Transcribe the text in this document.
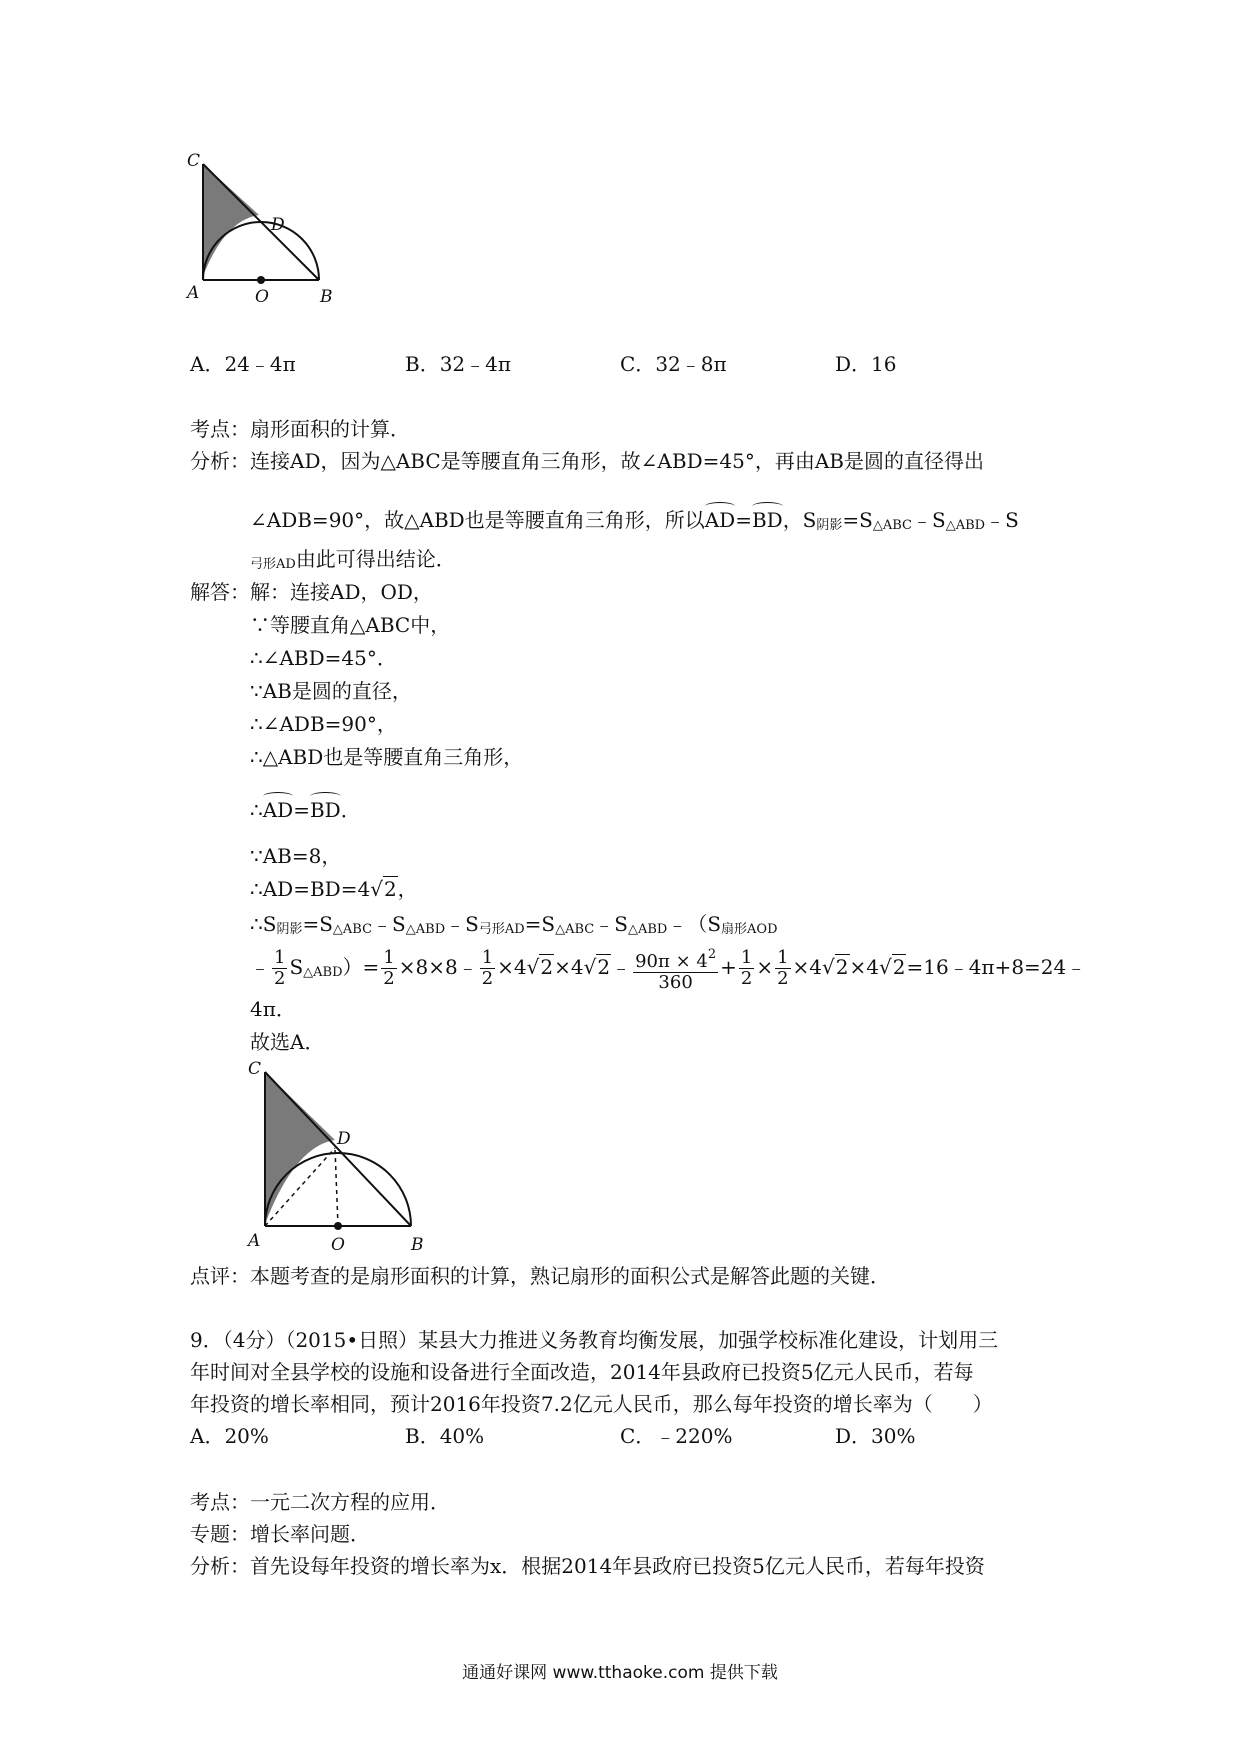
C
D
A	O	B
A．24﹣4π	B．32﹣4π	C．32﹣8π	D．16
考点：扇形面积的计算．
分析：连接AD，因为△ABC是等腰直角三角形，故∠ABD=45°，再由AB是圆的直径得出
∠ADB=90°，故△ABD也是等腰直角三角形，所以AD=BD，S阴影=S△ABC﹣S△ABD﹣S
弓形AD由此可得出结论．
解答：解：连接AD，OD，
∵等腰直角△ABC中，
∴∠ABD=45°．
∵AB是圆的直径，
∴∠ADB=90°，
∴△ABD也是等腰直角三角形，
∴AD=BD．
∵AB=8，
∴AD=BD=4√2，
∴S阴影=S△ABC﹣S△ABD﹣S弓形AD=S△ABC﹣S△ABD﹣（S扇形AOD
﹣ $\frac{1}{2}$ S△ABD）= $\frac{1}{2}$ ×8×8﹣ $\frac{1}{2}$ ×4√2×4√2﹣ $\frac{90\pi \times 4^2}{360} + \frac{1}{2} \times \frac{1}{2}$ ×4√2×4√2=16﹣4π+8=24﹣
4π．
故选A．
C
D
A	O	B
点评：本题考查的是扇形面积的计算，熟记扇形的面积公式是解答此题的关键．
9．（4分）（2015•日照）某县大力推进义务教育均衡发展，加强学校标准化建设，计划用三
年时间对全县学校的设施和设备进行全面改造，2014年县政府已投资5亿元人民币，若每
年投资的增长率相同，预计2016年投资7.2亿元人民币，那么每年投资的增长率为（　　）
A．20%	B．40%	C．﹣220%	D．30%
考点：一元二次方程的应用．
专题：增长率问题．
分析：首先设每年投资的增长率为x．根据2014年县政府已投资5亿元人民币，若每年投资
通通好课网 www.tthaoke.com 提供下载
